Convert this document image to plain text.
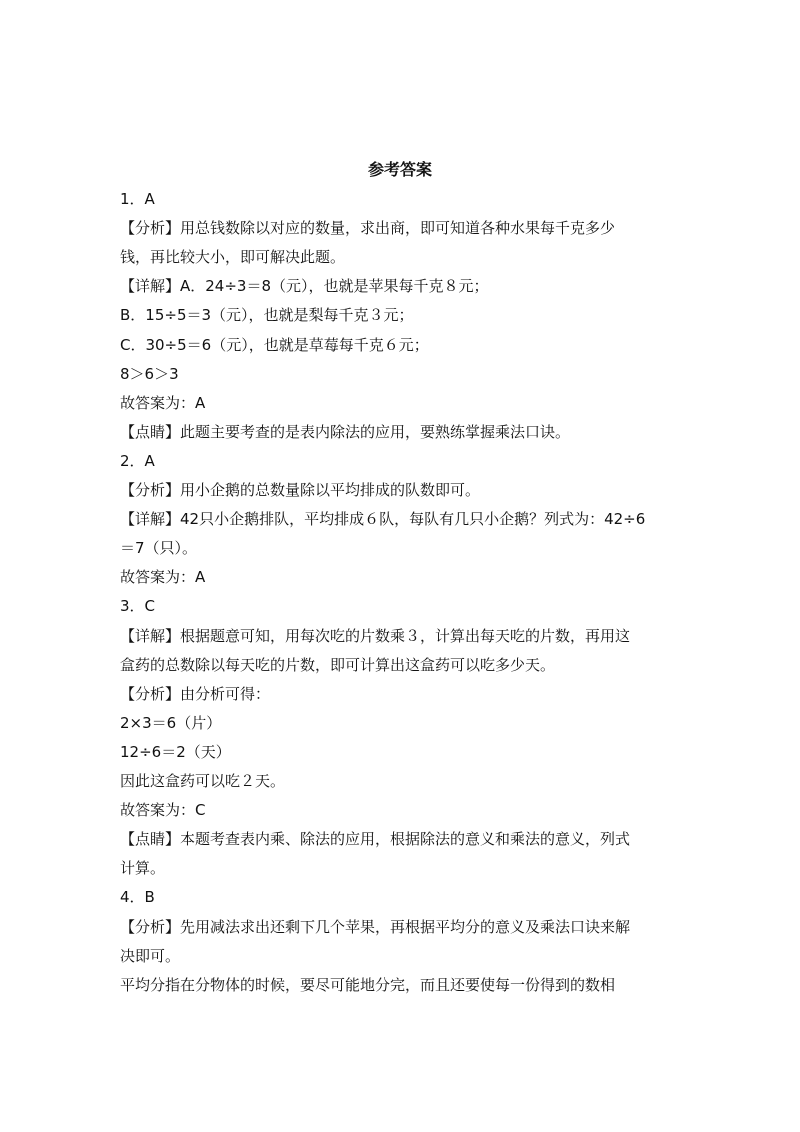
参考答案
1．A
【分析】用总钱数除以对应的数量，求出商，即可知道各种水果每千克多少
钱，再比较大小，即可解决此题。
【详解】A．24÷3＝8（元），也就是苹果每千克８元；
B．15÷5＝3（元），也就是梨每千克３元；
C．30÷5＝6（元），也就是草莓每千克６元；
8＞6＞3
故答案为：A
【点睛】此题主要考查的是表内除法的应用，要熟练掌握乘法口诀。
2．A
【分析】用小企鹅的总数量除以平均排成的队数即可。
【详解】42只小企鹅排队，平均排成６队，每队有几只小企鹅？列式为：42÷6
＝7（只）。
故答案为：A
3．C
【详解】根据题意可知，用每次吃的片数乘３，计算出每天吃的片数，再用这
盒药的总数除以每天吃的片数，即可计算出这盒药可以吃多少天。
【分析】由分析可得：
2×3＝6（片）
12÷6＝2（天）
因此这盒药可以吃２天。
故答案为：C
【点睛】本题考查表内乘、除法的应用，根据除法的意义和乘法的意义，列式
计算。
4．B
【分析】先用减法求出还剩下几个苹果，再根据平均分的意义及乘法口诀来解
决即可。
平均分指在分物体的时候，要尽可能地分完，而且还要使每一份得到的数相
